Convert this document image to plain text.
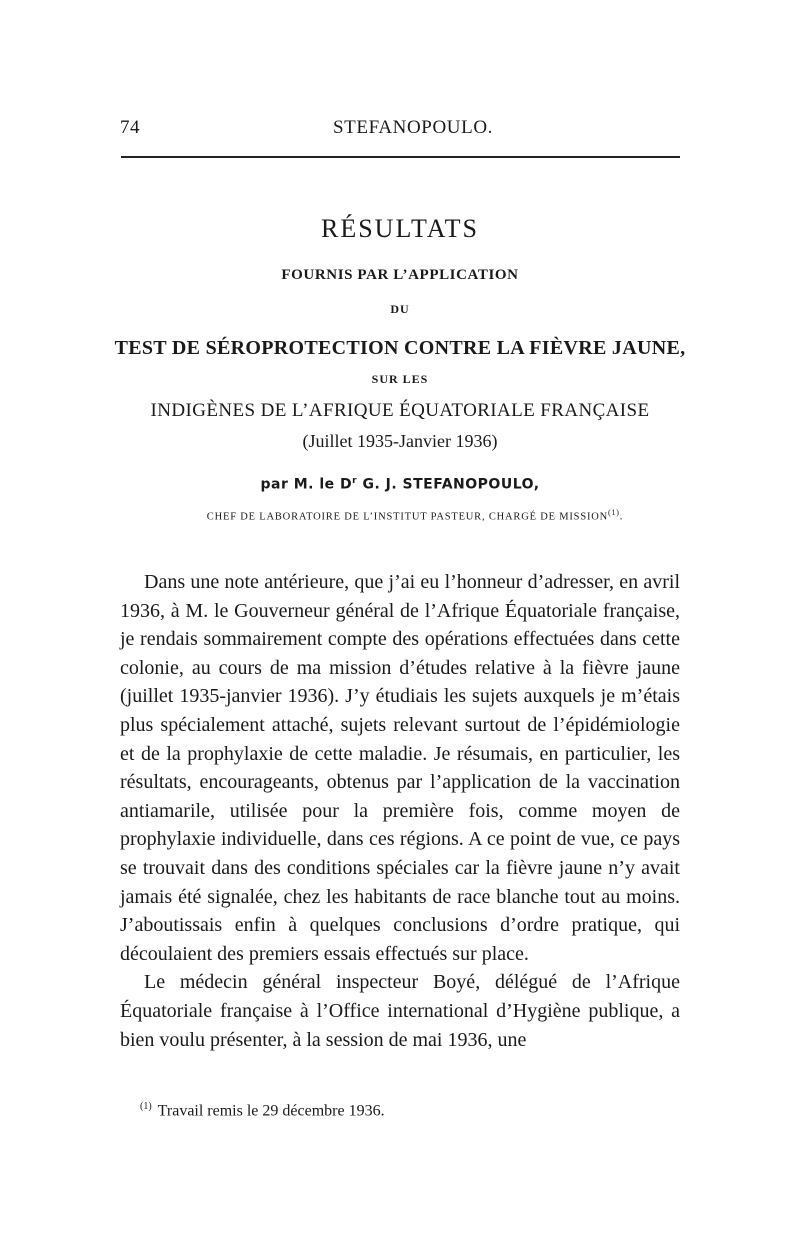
74	STEFANOPOULO.
RÉSULTATS
FOURNIS PAR L’APPLICATION
DU
TEST DE SÉROPROTECTION CONTRE LA FIÈVRE JAUNE,
SUR LES
INDIGÈNES DE L’AFRIQUE ÉQUATORIALE FRANÇAISE
(Juillet 1935-Janvier 1936)
par M. le $D^r$ G. J. STEFANOPOULO,
CHEF DE LABORATOIRE DE L’INSTITUT PASTEUR, CHARGÉ DE MISSION$^{(1)}$.

Dans une note antérieure, que j’ai eu l’honneur d’adresser, en avril 1936, à M. le Gouverneur général de l’Afrique Équatoriale française, je rendais sommairement compte des opérations effectuées dans cette colonie, au cours de ma mission d’études relative à la fièvre jaune (juillet 1935-janvier 1936). J’y étudiais les sujets auxquels je m’étais plus spécialement attaché, sujets relevant surtout de l’épidémiologie et de la prophylaxie de cette maladie. Je résumais, en particulier, les résultats, encourageants, obtenus par l’application de la vaccination antiamarile, utilisée pour la première fois, comme moyen de prophylaxie individuelle, dans ces régions. A ce point de vue, ce pays se trouvait dans des conditions spéciales car la fièvre jaune n’y avait jamais été signalée, chez les habitants de race blanche tout au moins. J’aboutissais enfin à quelques conclusions d’ordre pratique, qui découlaient des premiers essais effectués sur place.

Le médecin général inspecteur Boyé, délégué de l’Afrique Équatoriale française à l’Office international d’Hygiène publique, a bien voulu présenter, à la session de mai 1936, une

$^{(1)}$ Travail remis le 29 décembre 1936.
